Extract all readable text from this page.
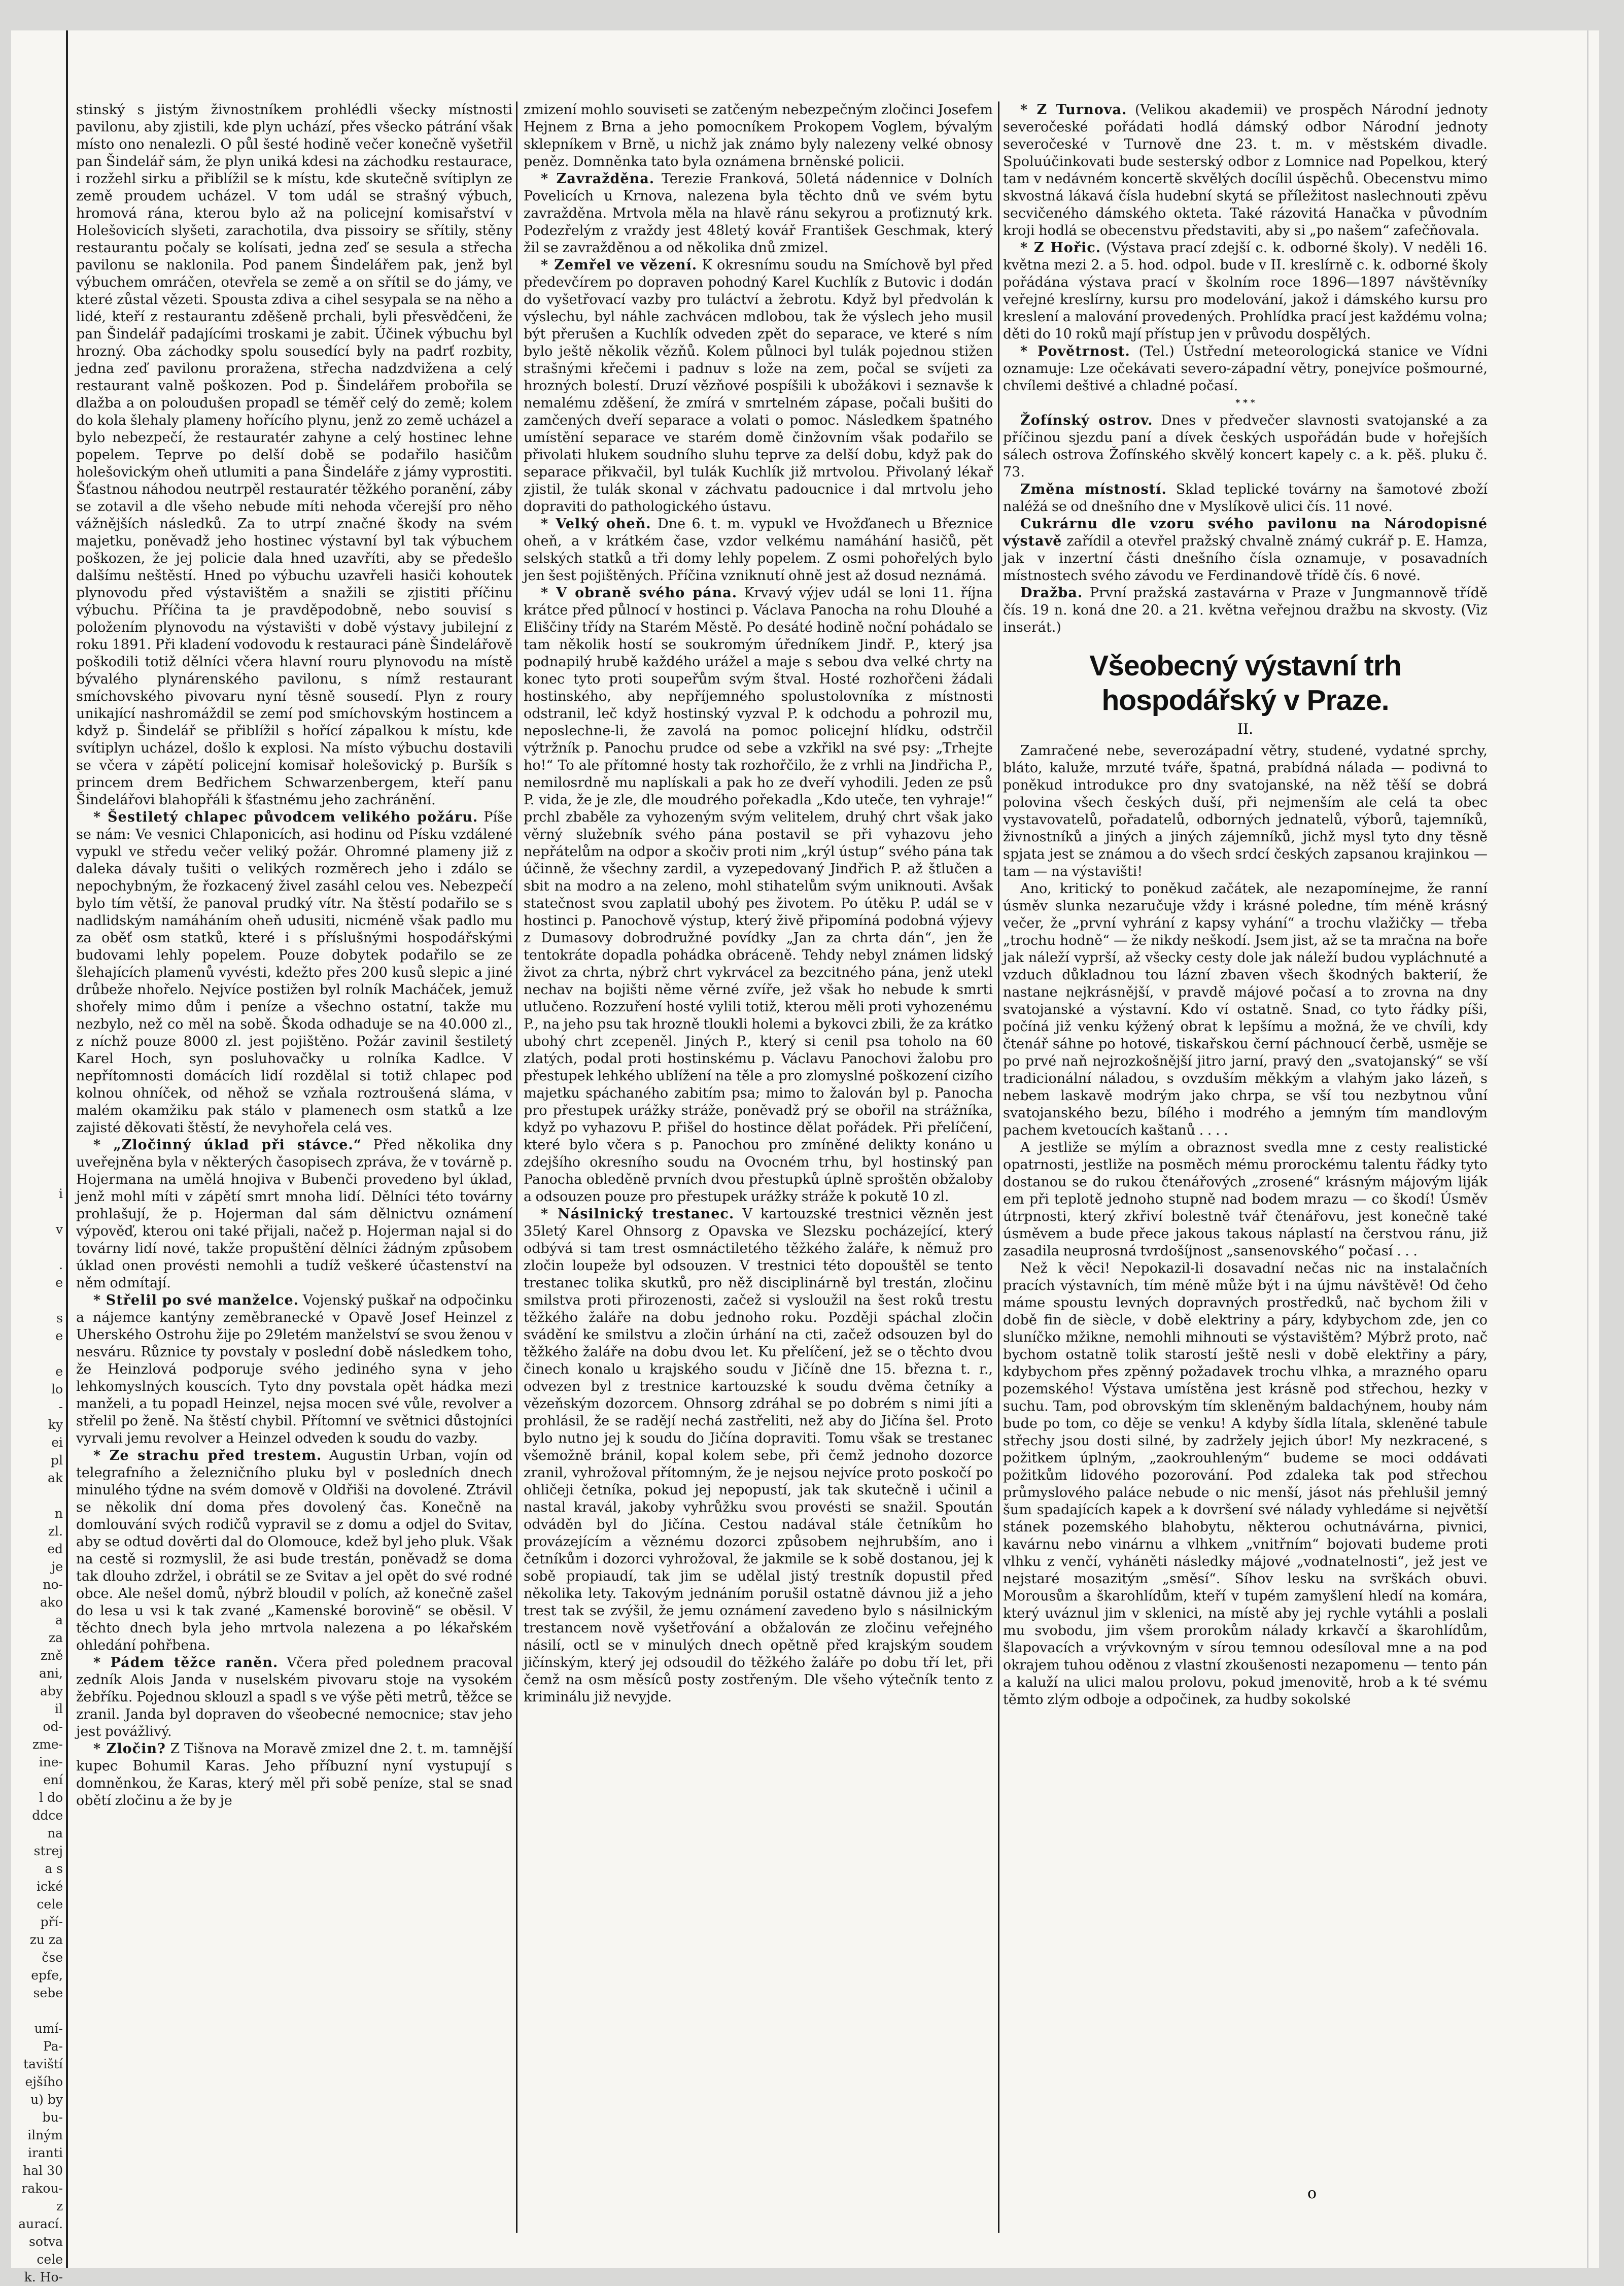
i
v
.
e
s
e
e
lo
-
ky
ei
pl
ak
n
zl.
ed
je
no-
ako
a
za
zně
ani,
aby
il
od-
zme-
ine-
ení
l do
ddce
na
strej
a s
ické
cele
pří-
zu za
čse
epfe,
sebe
umí-
Pa-
taviští
ejšího
u) by
bu-
ilným
iranti
hal 30
rakou-
z
aurací.
sotva
cele
k. Ho-

stinský s jistým živnostníkem prohlédli všecky místnosti pavilonu, aby zjistili, kde plyn uchází, přes všecko pátrání však místo ono nenalezli. O půl šesté hodině večer konečně vyšetřil pan Šindelář sám, že plyn uniká kdesi na záchodku restaurace, i rozžehl sirku a přiblížil se k místu, kde skutečně svítiplyn ze země proudem ucházel. V tom udál se strašný výbuch, hromová rána, kterou bylo až na policejní komisařství v Holešovicích slyšeti, zarachotila, dva pissoiry se sřítily, stěny restaurantu počaly se kolísati, jedna zeď se sesula a střecha pavilonu se naklonila. Pod panem Šindelářem pak, jenž byl výbuchem omráčen, otevřela se země a on sřítil se do jámy, ve které zůstal vězeti. Spousta zdiva a cihel sesypala se na něho a lidé, kteří z restaurantu zděšeně prchali, byli přesvědčeni, že pan Šindelář padajícími troskami je zabit. Účinek výbuchu byl hrozný. Oba záchodky spolu sousedící byly na padrť rozbity, jedna zeď pavilonu proražena, střecha nadzdvižena a celý restaurant valně poškozen. Pod p. Šindelářem probořila se dlažba a on poloudušen propadl se téměř celý do země; kolem do kola šlehaly plameny hořícího plynu, jenž zo země ucházel a bylo nebezpečí, že restauratér zahyne a celý hostinec lehne popelem. Teprve po delší době se podařilo hasičům holešovickým oheň utlumiti a pana Šindeláře z jámy vyprostiti. Šťastnou náhodou neutrpěl restauratér těžkého poranění, záby se zotavil a dle všeho nebude míti nehoda včerejší pro něho vážnějších následků. Za to utrpí značné škody na svém majetku, poněvadž jeho hostinec výstavní byl tak výbuchem poškozen, že jej policie dala hned uzavříti, aby se předešlo dalšímu neštěstí. Hned po výbuchu uzavřeli hasiči kohoutek plynovodu před výstavištěm a snažili se zjistiti příčinu výbuchu. Příčina ta je pravděpodobně, nebo souvisí s položením plynovodu na výstavišti v době výstavy jubilejní z roku 1891. Při kladení vodovodu k restauraci pánè Šindelářově poškodili totiž dělníci včera hlavní rouru plynovodu na místě bývalého plynárenského pavilonu, s nímž restaurant smíchovského pivovaru nyní těsně sousedí. Plyn z roury unikající nashromáždil se zemí pod smíchovským hostincem a když p. Šindelář se přiblížil s hořící zápalkou k místu, kde svítiplyn ucházel, došlo k explosi. Na místo výbuchu dostavili se včera v zápětí policejní komisař holešovický p. Buršík s princem drem Bedřichem Schwarzenbergem, kteří panu Šindelářovi blahopřáli k šťastnému jeho zachránění.

* Šestiletý chlapec původcem velikého požáru. Píše se nám: Ve vesnici Chlaponicích, asi hodinu od Písku vzdálené vypukl ve středu večer veliký požár. Ohromné plameny již z daleka dávaly tušiti o velikých rozměrech jeho i zdálo se nepochybným, že řozkacený živel zasáhl celou ves. Nebezpečí bylo tím větší, že panoval prudký vítr. Na štěstí podařilo se s nadlidským namáháním oheň udusiti, nicméně však padlo mu za oběť osm statků, které i s příslušnými hospodářskými budovami lehly popelem. Pouze dobytek podařilo se ze šlehajících plamenů vyvésti, kdežto přes 200 kusů slepic a jiné drůbeže nhořelo. Nejvíce postižen byl rolník Macháček, jemuž shořely mimo dům i peníze a všechno ostatní, takže mu nezbylo, než co měl na sobě. Škoda odhaduje se na 40.000 zl., z níchž pouze 8000 zl. jest pojištěno. Požár zavinil šestiletý Karel Hoch, syn posluhovačky u rolníka Kadlce. V nepřítomnosti domácích lidí rozdělal si totiž chlapec pod kolnou ohníček, od něhož se vzňala roztroušená sláma, v malém okamžiku pak stálo v plamenech osm statků a lze zajisté děkovati štěstí, že nevyhořela celá ves.

* „Zločinný úklad při stávce.“ Před několika dny uveřejněna byla v některých časopisech zpráva, že v továrně p. Hojermana na umělá hnojiva v Bubenči provedeno byl úklad, jenž mohl míti v zápětí smrt mnoha lidí. Dělníci této továrny prohlašují, že p. Hojerman dal sám dělnictvu oznámení výpověď, kterou oni také přijali, načež p. Hojerman najal si do továrny lidí nové, takže propuštění dělníci žádným způsobem úklad onen provésti nemohli a tudíž veškeré účastenství na něm odmítají.

* Střelil po své manželce. Vojenský puškař na odpočinku a nájemce kantýny zeměbranecké v Opavě Josef Heinzel z Uherského Ostrohu žije po 29letém manželství se svou ženou v nesváru. Různice ty povstaly v poslední době následkem toho, že Heinzlová podporuje svého jediného syna v jeho lehkomyslných kouscích. Tyto dny povstala opět hádka mezi manželi, a tu popadl Heinzel, nejsa mocen své vůle, revolver a střelil po ženě. Na štěstí chybil. Přítomní ve světnici důstojníci vyrvali jemu revolver a Heinzel odveden k soudu do vazby.

* Ze strachu před trestem. Augustin Urban, vojín od telegrafního a železničního pluku byl v posledních dnech minulého týdne na svém domově v Oldřiši na dovolené. Ztrávil se několik dní doma přes dovolený čas. Konečně na domlouvání svých rodičů vypravil se z domu a odjel do Svitav, aby se odtud dověrti dal do Olomouce, kdež byl jeho pluk. Však na cestě si rozmyslil, že asi bude trestán, poněvadž se doma tak dlouho zdržel, i obrátil se ze Svitav a jel opět do své rodné obce. Ale nešel domů, nýbrž bloudil v polích, až konečně zašel do lesa u vsi k tak zvané „Kamenské borovině“ se oběsil. V těchto dnech byla jeho mrtvola nalezena a po lékařském ohledání pohřbena.

* Pádem těžce raněn. Včera před polednem pracoval zedník Alois Janda v nuselském pivovaru stoje na vysokém žebříku. Pojednou sklouzl a spadl s ve výše pěti metrů, těžce se zranil. Janda byl dopraven do všeobecné nemocnice; stav jeho jest povážlivý.

* Zločin? Z Tišnova na Moravě zmizel dne 2. t. m. tamnější kupec Bohumil Karas. Jeho příbuzní nyní vystupují s domněnkou, že Karas, který měl při sobě peníze, stal se snad obětí zločinu a že by je

zmizení mohlo souviseti se zatčeným nebezpečným zločinci Josefem Hejnem z Brna a jeho pomocníkem Prokopem Voglem, bývalým sklepníkem v Brně, u nichž jak známo byly nalezeny velké obnosy peněz. Domněnka tato byla oznámena brněnské policii.

* Zavražděna. Terezie Franková, 50letá nádennice v Dolních Povelicích u Krnova, nalezena byla těchto dnů ve svém bytu zavražděna. Mrtvola měla na hlavě ránu sekyrou a proťiznutý krk. Podezřelým z vraždy jest 48letý kovář František Geschmak, který žil se zavražděnou a od několika dnů zmizel.

* Zemřel ve vězení. K okresnímu soudu na Smíchově byl před předevčírem po dopraven pohodný Karel Kuchlík z Butovic i dodán do vyšetřovací vazby pro tuláctví a žebrotu. Když byl předvolán k výslechu, byl náhle zachvácen mdlobou, tak že výslech jeho musil být přerušen a Kuchlík odveden zpět do separace, ve které s ním bylo ještě několik vězňů. Kolem půlnoci byl tulák pojednou stižen strašnými křečemi i padnuv s lože na zem, počal se svíjeti za hrozných bolestí. Druzí vězňové pospíšili k ubožákovi i seznavše k nemalému zděšení, že zmírá v smrtelném zápase, počali bušiti do zamčených dveří separace a volati o pomoc. Následkem špatného umístění separace ve starém domě činžovním však podařilo se přivolati hlukem soudního sluhu teprve za delší dobu, když pak do separace přikvačil, byl tulák Kuchlík již mrtvolou. Přivolaný lékař zjistil, že tulák skonal v záchvatu padoucnice i dal mrtvolu jeho dopraviti do pathologického ústavu.

* Velký oheň. Dne 6. t. m. vypukl ve Hvožďanech u Březnice oheň, a v krátkém čase, vzdor velkému namáhání hasičů, pět selských statků a tři domy lehly popelem. Z osmi pohořelých bylo jen šest pojištěných. Příčina vzniknutí ohně jest až dosud neznámá.

* V obraně svého pána. Krvavý výjev udál se loni 11. října krátce před půlnocí v hostinci p. Václava Panocha na rohu Dlouhé a Eliščiny třídy na Starém Městě. Po desáté hodině noční pohádalo se tam několik hostí se soukromým úředníkem Jindř. P., který jsa podnapilý hrubě každého urážel a maje s sebou dva velké chrty na konec tyto proti soupeřům svým štval. Hosté rozhořčeni žádali hostinského, aby nepříjemného spolustolovníka z místnosti odstranil, leč když hostinský vyzval P. k odchodu a pohrozil mu, neposlechne-li, že zavolá na pomoc policejní hlídku, odstrčil výtržník p. Panochu prudce od sebe a vzkřikl na své psy: „Trhejte ho!“ To ale přítomné hosty tak rozhořčilo, že z vrhli na Jindřicha P., nemilosrdně mu naplískali a pak ho ze dveří vyhodili. Jeden ze psů P. vida, že je zle, dle moudrého pořekadla „Kdo uteče, ten vyhraje!“ prchl zbaběle za vyhozeným svým velitelem, druhý chrt však jako věrný služebník svého pána postavil se při vyhazovu jeho nepřátelům na odpor a skočiv proti nim „krýl ústup“ svého pána tak účinně, že všechny zardil, a vyzepedovaný Jindřich P. až štlučen a sbit na modro a na zeleno, mohl stihatelům svým uniknouti. Avšak statečnost svou zaplatil ubohý pes životem. Po útěku P. udál se v hostinci p. Panochově výstup, který živě připomíná podobná výjevy z Dumasovy dobrodružné povídky „Jan za chrta dán“, jen že tentokráte dopadla pohádka obráceně. Tehdy nebyl známen lidský život za chrta, nýbrž chrt vykrvácel za bezcitného pána, jenž utekl nechav na bojišti něme věrné zvíře, jež však ho nebude k smrti utlučeno. Rozzuření hosté vylili totiž, kterou měli proti vyhozenému P., na jeho psu tak hrozně tloukli holemi a bykovci zbili, že za krátko ubohý chrt zcepeněl. Jiných P., který si cenil psa toholo na 60 zlatých, podal proti hostinskému p. Václavu Panochovi žalobu pro přestupek lehkého ublížení na těle a pro zlomyslné poškození cizího majetku spáchaného zabitím psa; mimo to žalován byl p. Panocha pro přestupek urážky stráže, poněvadž prý se obořil na strážníka, když po vyhazovu P. přišel do hostince dělat pořádek. Při přelíčení, které bylo včera s p. Panochou pro zmíněné delikty konáno u zdejšího okresního soudu na Ovocném trhu, byl hostinský pan Panocha obleděně prvních dvou přestupků úplně sproštěn obžaloby a odsouzen pouze pro přestupek urážky stráže k pokutě 10 zl.

* Násilnický trestanec. V kartouzské trestnici vězněn jest 35letý Karel Ohnsorg z Opavska ve Slezsku pocházející, který odbývá si tam trest osmnáctiletého těžkého žaláře, k němuž pro zločin loupeže byl odsouzen. V trestnici této dopouštěl se tento trestanec tolika skutků, pro něž disciplinárně byl trestán, zločinu smilstva proti přirozenosti, začež si vysloužil na šest roků trestu těžkého žaláře na dobu jednoho roku. Později spáchal zločin svádění ke smilstvu a zločin úrhání na cti, začež odsouzen byl do těžkého žaláře na dobu dvou let. Ku přelíčení, jež se o těchto dvou činech konalo u krajského soudu v Jičíně dne 15. března t. r., odvezen byl z trestnice kartouzské k soudu dvěma četníky a vězeňským dozorcem. Ohnsorg zdráhal se po dobrém s nimi jíti a prohlásil, že se radějí nechá zastřeliti, než aby do Jičína šel. Proto bylo nutno jej k soudu do Jičína dopraviti. Tomu však se trestanec všemožně bránil, kopal kolem sebe, při čemž jednoho dozorce zranil, vyhrožoval přítomným, že je nejsou nejvíce proto poskočí po ohličeji četníka, pokud jej nepopustí, jak tak skutečně i učinil a nastal kravál, jakoby vyhrůžku svou provésti se snažil. Spoután odváděn byl do Jičína. Cestou nadával stále četníkům ho provázejícím a věznému dozorci způsobem nejhrubším, ano i četníkům i dozorci vyhrožoval, že jakmile se k sobě dostanou, jej k sobě propiaudí, tak jim se udělal jistý trestník dopustil před několika lety. Takovým jednáním porušil ostatně dávnou již a jeho trest tak se zvýšil, že jemu oznámení zavedeno bylo s násilnickým trestancem nově vyšetřování a obžalován ze zločinu veřejného násilí, octl se v minulých dnech opětně před krajským soudem jičínským, který jej odsoudil do těžkého žaláře po dobu tří let, při čemž na osm měsíců posty zostřeným. Dle všeho výtečník tento z kriminálu již nevyjde.

* Z Turnova. (Velikou akademii) ve prospěch Národní jednoty severočeské pořádati hodlá dámský odbor Národní jednoty severočeské v Turnově dne 23. t. m. v městském divadle. Spoluúčinkovati bude sesterský odbor z Lomnice nad Popelkou, který tam v nedávném koncertě skvělých docílil úspěchů. Obecenstvu mimo skvostná lákavá čísla hudební skytá se příležitost naslechnouti zpěvu secvičeného dámského okteta. Také rázovitá Hanačka v původním kroji hodlá se obecenstvu představiti, aby si „po našem“ zafečňovala.

* Z Hořic. (Výstava prací zdejší c. k. odborné školy). V neděli 16. května mezi 2. a 5. hod. odpol. bude v II. kreslírně c. k. odborné školy pořádána výstava prací v školním roce 1896—1897 návštěvníky veřejné kreslírny, kursu pro modelování, jakož i dámského kursu pro kreslení a malování provedených. Prohlídka prací jest každému volna; děti do 10 roků mají přístup jen v průvodu dospělých.

* Povětrnost. (Tel.) Ústřední meteorologická stanice ve Vídni oznamuje: Lze očekávati severo-západní větry, ponejvíce pošmourné, chvílemi deštivé a chladné počasí.

* * *

Žofínský ostrov. Dnes v předvečer slavnosti svatojanské a za příčinou sjezdu paní a dívek českých uspořádán bude v hořejších sálech ostrova Žofínského skvělý koncert kapely c. a k. pěš. pluku č. 73.

Změna místností. Sklad teplické továrny na šamotové zboží naléžá se od dnešního dne v Myslíkově ulici čís. 11 nové.

Cukrárnu dle vzoru svého pavilonu na Národopisné výstavě zařídil a otevřel pražský chvalně známý cukrář p. E. Hamza, jak v inzertní části dnešního čísla oznamuje, v posavadních místnostech svého závodu ve Ferdinandově třídě čís. 6 nové.

Dražba. První pražská zastavárna v Praze v Jungmannově třídě čís. 19 n. koná dne 20. a 21. května veřejnou dražbu na skvosty. (Viz inserát.)

Všeobecný výstavní trh hospodářský v Praze.
II.

Zamračené nebe, severozápadní větry, studené, vydatné sprchy, bláto, kaluže, mrzuté tváře, špatná, prabídná nálada — podivná to poněkud introdukce pro dny svatojanské, na něž těší se dobrá polovina všech českých duší, při nejmenším ale celá ta obec vystavovatelů, pořadatelů, odborných jednatelů, výborů, tajemníků, živnostníků a jiných a jiných zájemníků, jichž mysl tyto dny těsně spjata jest se známou a do všech srdcí českých zapsanou krajinkou — tam — na výstavišti!

Ano, kritický to poněkud začátek, ale nezapomínejme, že ranní úsměv slunka nezaručuje vždy i krásné poledne, tím méně krásný večer, že „první vyhrání z kapsy vyhání“ a trochu vlažičky — třeba „trochu hodně“ — že nikdy neškodí. Jsem jist, až se ta mračna na boře jak náleží vyprší, až všecky cesty dole jak náleží budou vypláchnuté a vzduch důkladnou tou lázní zbaven všech škodných bakterií, že nastane nejkrásnější, v pravdě májové počasí a to zrovna na dny svatojanské a výstavní. Kdo ví ostatně. Snad, co tyto řádky píši, počíná již venku kýžený obrat k lepšímu a možná, že ve chvíli, kdy čtenář sáhne po hotové, tiskařskou černí páchnoucí čerbě, usměje se po prvé naň nejrozkošnější jitro jarní, pravý den „svatojanský“ se vší tradicionální náladou, s ovzduším měkkým a vlahým jako lázeň, s nebem laskavě modrým jako chrpa, se vší tou nezbytnou vůní svatojanského bezu, bílého i modrého a jemným tím mandlovým pachem kvetoucích kaštanů . . . .

A jestliže se mýlím a obraznost svedla mne z cesty realistické opatrnosti, jestliže na posměch mému prorockému talentu řádky tyto dostanou se do rukou čtenářových „zrosené“ krásným májovým liják em při teplotě jednoho stupně nad bodem mrazu — co škodí! Úsměv útrpnosti, který zkřiví bolestně tvář čtenářovu, jest konečně také úsměvem a bude přece jakous takous náplastí na čerstvou ránu, již zasadila neuprosná tvrdošíjnost „sansenovského“ počasí . . .

Než k věci! Nepokazil-li dosavadní nečas nic na instalačních pracích výstavních, tím méně může být i na újmu návštěvě! Od čeho máme spoustu levných dopravných prostředků, nač bychom žili v době fin de siècle, v době elektriny a páry, kdybychom zde, jen co sluníčko mžikne, nemohli mihnouti se výstavištěm? Mýbrž proto, nač bychom ostatně tolik starostí ještě nesli v době elektřiny a páry, kdybychom přes zpěnný požadavek trochu vlhka, a mrazného oparu pozemského! Výstava umístěna jest krásně pod střechou, hezky v suchu. Tam, pod obrovským tím skleněným baldachýnem, houby nám bude po tom, co děje se venku! A kdyby šídla lítala, skleněné tabule střechy jsou dosti silné, by zadržely jejich úbor! My nezkracené, s požitkem úplným, „zaokrouhleným“ budeme se moci oddávati požitkům lidového pozorování. Pod zdaleka tak pod střechou průmyslového paláce nebude o nic menší, jásot nás přehlušil jemný šum spadajících kapek a k dovršení své nálady vyhledáme si největší stánek pozemského blahobytu, některou ochutnávárna, pivnici, kavárnu nebo vinárnu a vlhkem „vnitřním“ bojovati budeme proti vlhku z venčí, vyháněti následky májové „vodnatelnosti“, jež jest ve nejstaré mosazitým „směsí“. Síhov lesku na svrškách obuvi. Morousům a škarohlídům, kteří v tupém zamyšlení hledí na komára, který uváznul jim v sklenici, na místě aby jej rychle vytáhli a poslali mu svobodu, jim všem prorokům nálady krkavčí a škarohlídům, šlapovacích a vrývkovným v sírou temnou odesíloval mne a na pod okrajem tuhou oděnou z vlastní zkoušenosti nezapomenu — tento pán a kaluží na ulici malou prolovu, pokud jmenovitě, hrob a k té svému těmto zlým odboje a odpočinek, za hudby sokolské

o
